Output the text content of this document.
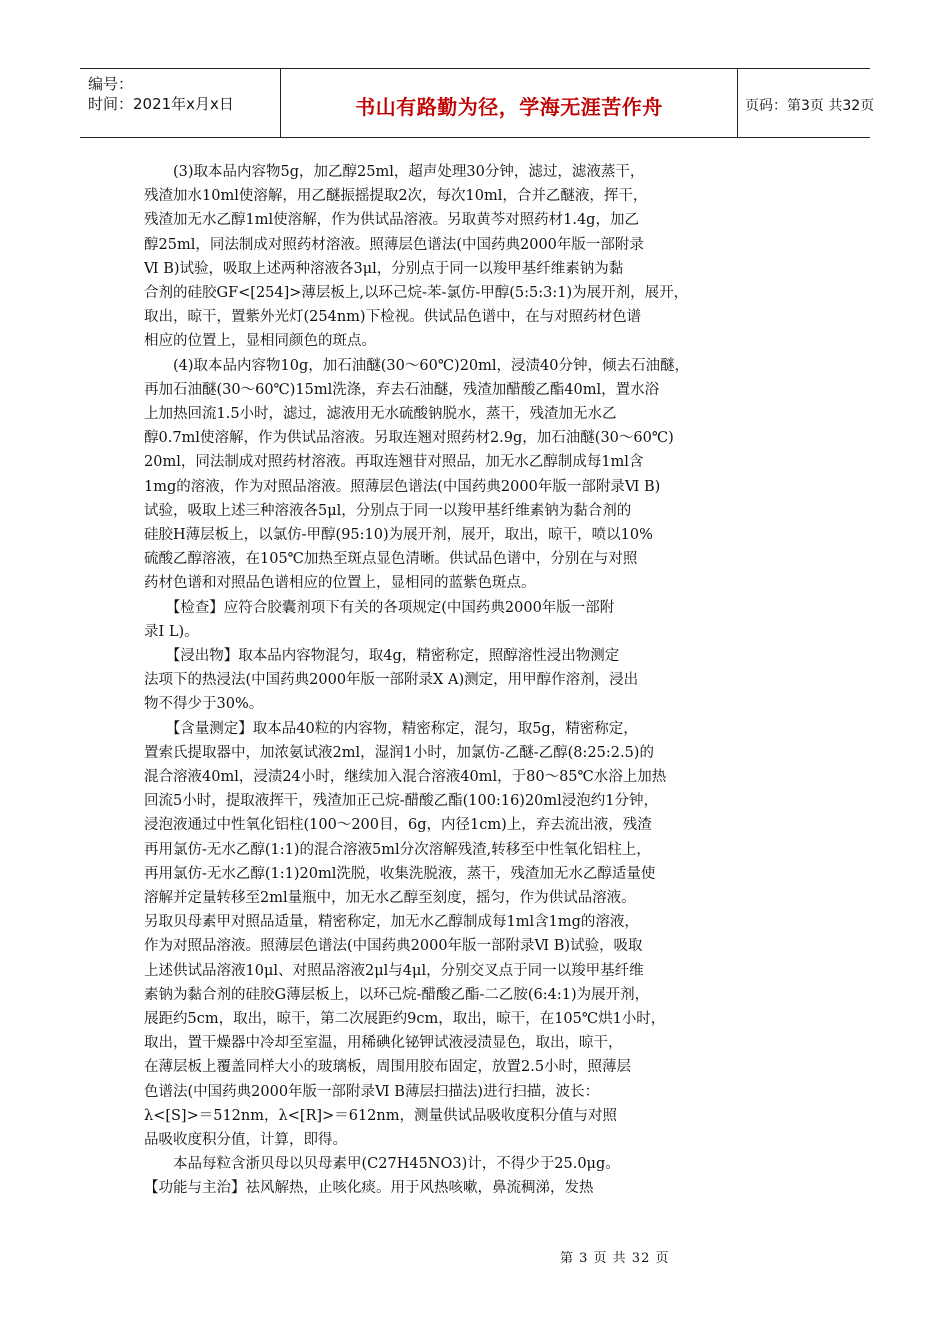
编号：
时间：2021年x月x日	书山有路勤为径，学海无涯苦作舟	页码：第3页 共32页
　　(3)取本品内容物5g，加乙醇25ml，超声处理30分钟，滤过，滤液蒸干，
残渣加水10ml使溶解，用乙醚振摇提取2次，每次10ml，合并乙醚液，挥干，
残渣加无水乙醇1ml使溶解，作为供试品溶液。另取黄芩对照药材1.4g，加乙
醇25ml，同法制成对照药材溶液。照薄层色谱法(中国药典2000年版一部附录
Ⅵ B)试验，吸取上述两种溶液各3μl，分别点于同一以羧甲基纤维素钠为黏
合剂的硅胶GF<[254]>薄层板上,以环己烷-苯-氯仿-甲醇(5:5:3:1)为展开剂，展开，
取出，晾干，置紫外光灯(254nm)下检视。供试品色谱中，在与对照药材色谱
相应的位置上，显相同颜色的斑点。
　　(4)取本品内容物10g，加石油醚(30～60℃)20ml，浸渍40分钟，倾去石油醚，
再加石油醚(30～60℃)15ml洗涤，弃去石油醚，残渣加醋酸乙酯40ml，置水浴
上加热回流1.5小时，滤过，滤液用无水硫酸钠脱水，蒸干，残渣加无水乙
醇0.7ml使溶解，作为供试品溶液。另取连翘对照药材2.9g，加石油醚(30～60℃)
20ml，同法制成对照药材溶液。再取连翘苷对照品，加无水乙醇制成每1ml含
1mg的溶液，作为对照品溶液。照薄层色谱法(中国药典2000年版一部附录Ⅵ B)
试验，吸取上述三种溶液各5μl，分别点于同一以羧甲基纤维素钠为黏合剂的
硅胶H薄层板上，以氯仿-甲醇(95:10)为展开剂，展开，取出，晾干，喷以10%
硫酸乙醇溶液，在105℃加热至斑点显色清晰。供试品色谱中，分别在与对照
药材色谱和对照品色谱相应的位置上，显相同的蓝紫色斑点。
　　【检查】应符合胶囊剂项下有关的各项规定(中国药典2000年版一部附
录Ⅰ L)。
　　【浸出物】取本品内容物混匀，取4g，精密称定，照醇溶性浸出物测定
法项下的热浸法(中国药典2000年版一部附录Ⅹ A)测定，用甲醇作溶剂，浸出
物不得少于30%。
　　【含量测定】取本品40粒的内容物，精密称定，混匀，取5g，精密称定，
置索氏提取器中，加浓氨试液2ml，湿润1小时，加氯仿-乙醚-乙醇(8:25:2.5)的
混合溶液40ml，浸渍24小时，继续加入混合溶液40ml，于80～85℃水浴上加热
回流5小时，提取液挥干，残渣加正己烷-醋酸乙酯(100:16)20ml浸泡约1分钟，
浸泡液通过中性氧化铝柱(100～200目，6g，内径1cm)上，弃去流出液，残渣
再用氯仿-无水乙醇(1:1)的混合溶液5ml分次溶解残渣,转移至中性氧化铝柱上，
再用氯仿-无水乙醇(1:1)20ml洗脱，收集洗脱液，蒸干，残渣加无水乙醇适量使
溶解并定量转移至2ml量瓶中，加无水乙醇至刻度，摇匀，作为供试品溶液。
另取贝母素甲对照品适量，精密称定，加无水乙醇制成每1ml含1mg的溶液，
作为对照品溶液。照薄层色谱法(中国药典2000年版一部附录Ⅵ B)试验，吸取
上述供试品溶液10μl、对照品溶液2μl与4μl，分别交叉点于同一以羧甲基纤维
素钠为黏合剂的硅胶G薄层板上，以环己烷-醋酸乙酯-二乙胺(6:4:1)为展开剂，
展距约5cm，取出，晾干，第二次展距约9cm，取出，晾干，在105℃烘1小时，
取出，置干燥器中冷却至室温，用稀碘化铋钾试液浸渍显色，取出，晾干，
在薄层板上覆盖同样大小的玻璃板，周围用胶布固定，放置2.5小时，照薄层
色谱法(中国药典2000年版一部附录Ⅵ B薄层扫描法)进行扫描，波长：
λ<[S]>＝512nm，λ<[R]>＝612nm，测量供试品吸收度积分值与对照
品吸收度积分值，计算，即得。
　　本品每粒含浙贝母以贝母素甲(C27H45NO3)计，不得少于25.0μg。
【功能与主治】祛风解热，止咳化痰。用于风热咳嗽，鼻流稠涕，发热
第 3 页 共 32 页
